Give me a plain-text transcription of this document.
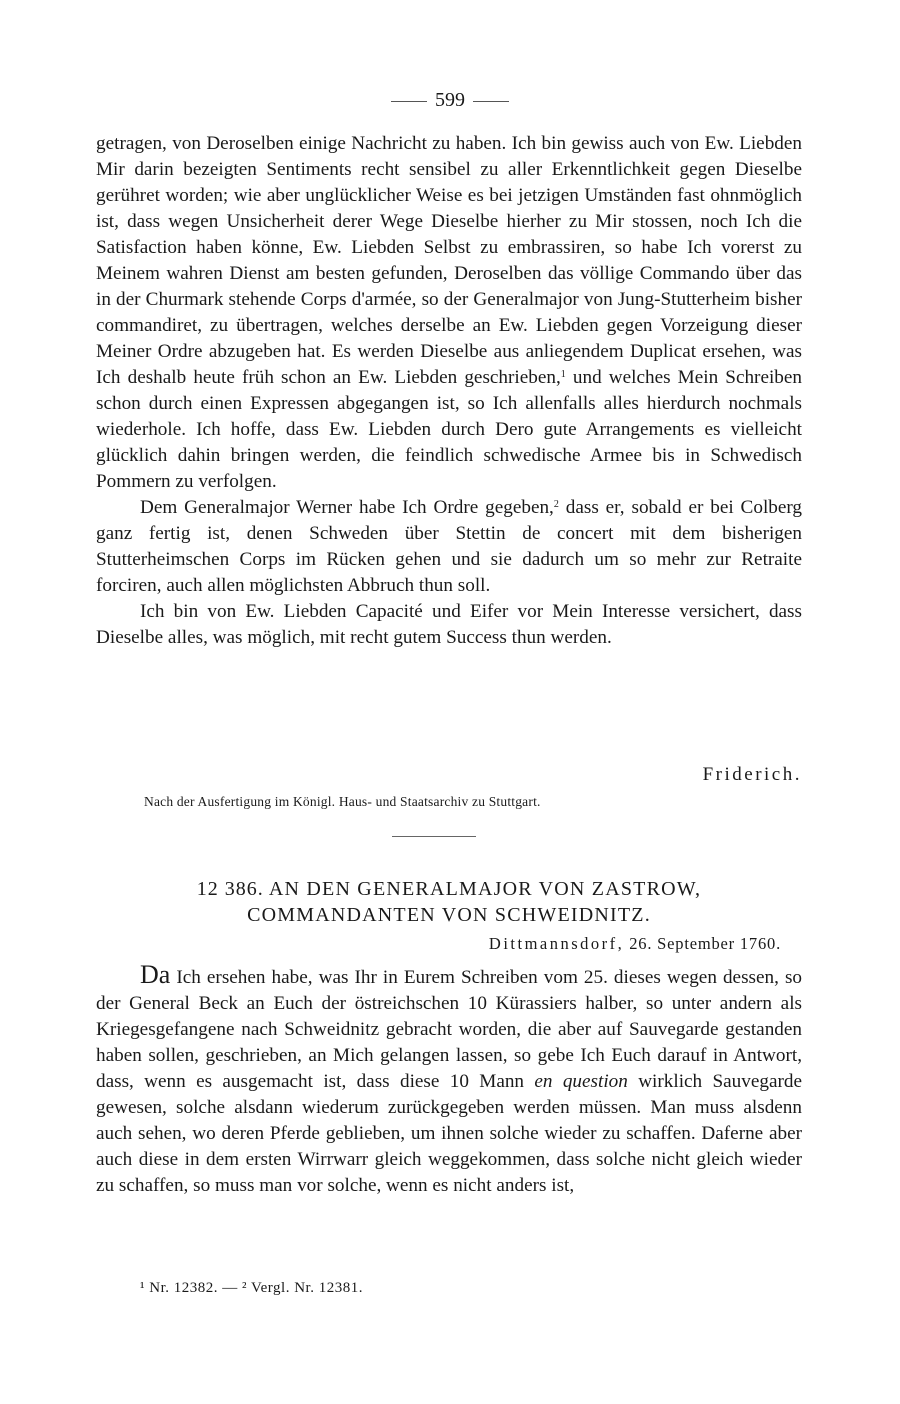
599

getragen, von Deroselben einige Nachricht zu haben. Ich bin gewiss auch von Ew. Liebden Mir darin bezeigten Sentiments recht sensibel zu aller Erkenntlichkeit gegen Dieselbe gerühret worden; wie aber unglücklicher Weise es bei jetzigen Umständen fast ohnmöglich ist, dass wegen Unsicherheit derer Wege Dieselbe hierher zu Mir stossen, noch Ich die Satisfaction haben könne, Ew. Liebden Selbst zu embrassiren, so habe Ich vorerst zu Meinem wahren Dienst am besten gefunden, Deroselben das völlige Commando über das in der Churmark stehende Corps d'armée, so der Generalmajor von Jung-Stutterheim bisher commandiret, zu übertragen, welches derselbe an Ew. Liebden gegen Vorzeigung dieser Meiner Ordre abzugeben hat. Es werden Dieselbe aus anliegendem Duplicat ersehen, was Ich deshalb heute früh schon an Ew. Liebden geschrieben,$^1$ und welches Mein Schreiben schon durch einen Expressen abgegangen ist, so Ich allenfalls alles hierdurch nochmals wiederhole. Ich hoffe, dass Ew. Liebden durch Dero gute Arrangements es vielleicht glücklich dahin bringen werden, die feindlich schwedische Armee bis in Schwedisch Pommern zu verfolgen.

Dem Generalmajor Werner habe Ich Ordre gegeben,$^2$ dass er, sobald er bei Colberg ganz fertig ist, denen Schweden über Stettin de concert mit dem bisherigen Stutterheimschen Corps im Rücken gehen und sie dadurch um so mehr zur Retraite forciren, auch allen möglichsten Abbruch thun soll.

Ich bin von Ew. Liebden Capacité und Eifer vor Mein Interesse versichert, dass Dieselbe alles, was möglich, mit recht gutem Success thun werden.

Friderich.
Nach der Ausfertigung im Königl. Haus- und Staatsarchiv zu Stuttgart.
12 386. AN DEN GENERALMAJOR VON ZASTROW,
COMMANDANTEN VON SCHWEIDNITZ.
Dittmannsdorf, 26. September 1760.

Da Ich ersehen habe, was Ihr in Eurem Schreiben vom 25. dieses wegen dessen, so der General Beck an Euch der östreichschen 10 Kürassiers halber, so unter andern als Kriegesgefangene nach Schweidnitz gebracht worden, die aber auf Sauvegarde gestanden haben sollen, geschrieben, an Mich gelangen lassen, so gebe Ich Euch darauf in Antwort, dass, wenn es ausgemacht ist, dass diese 10 Mann en question wirklich Sauvegarde gewesen, solche alsdann wiederum zurückgegeben werden müssen. Man muss alsdenn auch sehen, wo deren Pferde geblieben, um ihnen solche wieder zu schaffen. Daferne aber auch diese in dem ersten Wirrwarr gleich weggekommen, dass solche nicht gleich wieder zu schaffen, so muss man vor solche, wenn es nicht anders ist,

¹ Nr. 12382. — ² Vergl. Nr. 12381.
